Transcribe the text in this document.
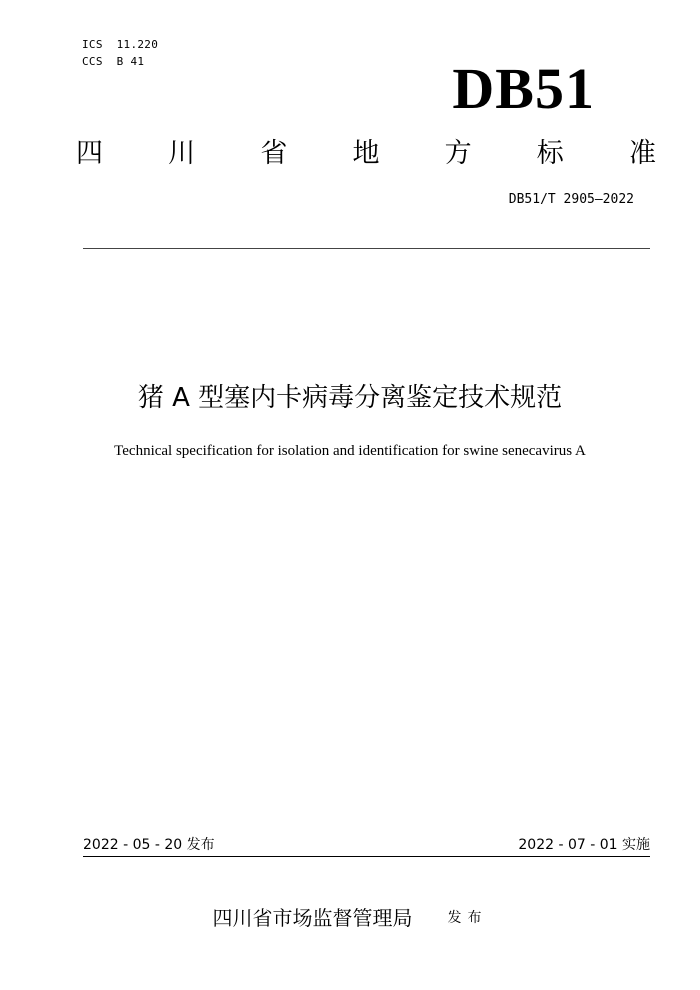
ICS  11.220
CCS  B 41	DB51
四 川 省 地 方 标 准
DB51/T 2905—2022
猪 A 型塞内卡病毒分离鉴定技术规范
Technical specification for isolation and identification for swine senecavirus A
2022 - 05 - 20 发布	2022 - 07 - 01 实施
四川省市场监督管理局	发布
